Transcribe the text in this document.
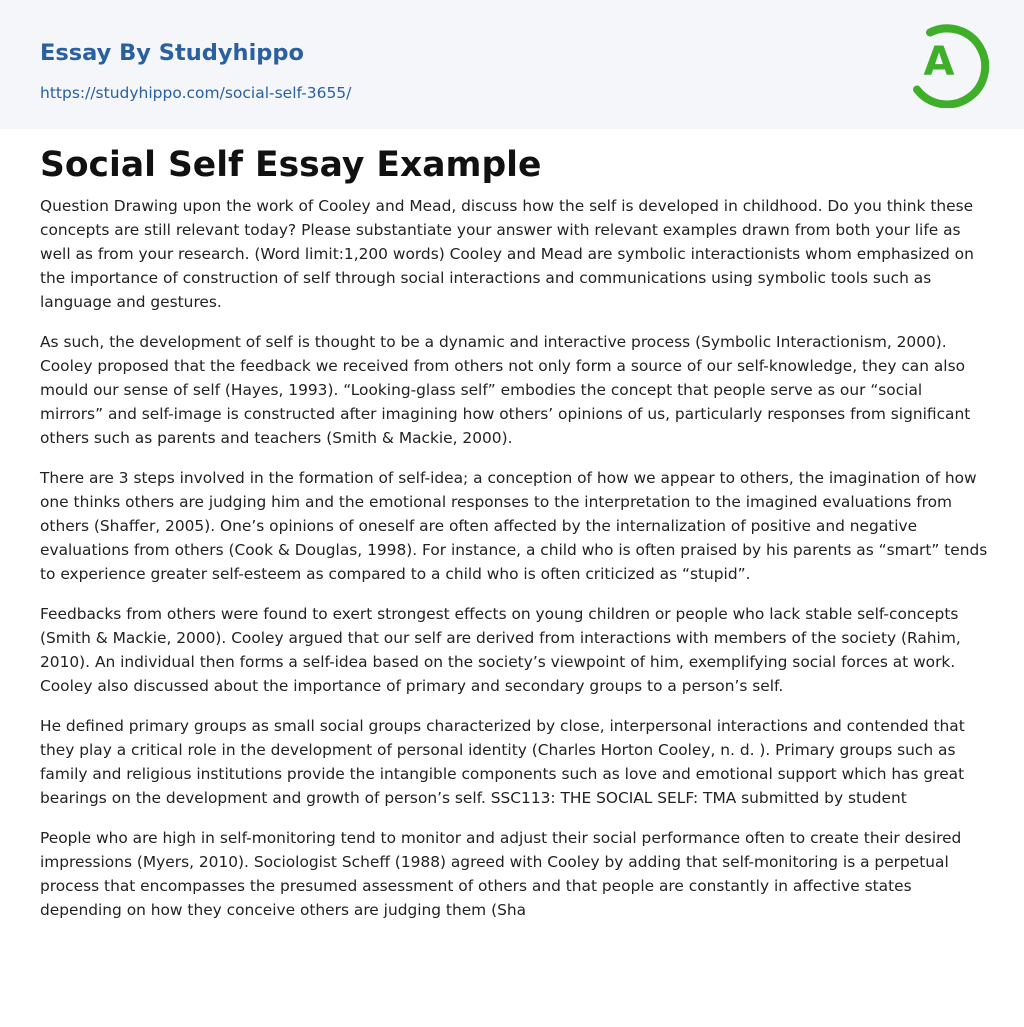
Essay By Studyhippo
https://studyhippo.com/social-self-3655/
A
Social Self Essay Example

Question Drawing upon the work of Cooley and Mead, discuss how the self is developed in childhood. Do you think these concepts are still relevant today? Please substantiate your answer with relevant examples drawn from both your life as well as from your research. (Word limit:1,200 words) Cooley and Mead are symbolic interactionists whom emphasized on the importance of construction of self through social interactions and communications using symbolic tools such as language and gestures.

As such, the development of self is thought to be a dynamic and interactive process (Symbolic Interactionism, 2000). Cooley proposed that the feedback we received from others not only form a source of our self-knowledge, they can also mould our sense of self (Hayes, 1993). “Looking-glass self” embodies the concept that people serve as our “social mirrors” and self-image is constructed after imagining how others’ opinions of us, particularly responses from significant others such as parents and teachers (Smith & Mackie, 2000).

There are 3 steps involved in the formation of self-idea; a conception of how we appear to others, the imagination of how one thinks others are judging him and the emotional responses to the interpretation to the imagined evaluations from others (Shaffer, 2005). One’s opinions of oneself are often affected by the internalization of positive and negative evaluations from others (Cook & Douglas, 1998). For instance, a child who is often praised by his parents as “smart” tends to experience greater self-esteem as compared to a child who is often criticized as “stupid”.

Feedbacks from others were found to exert strongest effects on young children or people who lack stable self-concepts (Smith & Mackie, 2000). Cooley argued that our self are derived from interactions with members of the society (Rahim, 2010). An individual then forms a self-idea based on the society’s viewpoint of him, exemplifying social forces at work. Cooley also discussed about the importance of primary and secondary groups to a person’s self.

He defined primary groups as small social groups characterized by close, interpersonal interactions and contended that they play a critical role in the development of personal identity (Charles Horton Cooley, n. d. ). Primary groups such as family and religious institutions provide the intangible components such as love and emotional support which has great bearings on the development and growth of person’s self. SSC113: THE SOCIAL SELF: TMA submitted by student

People who are high in self-monitoring tend to monitor and adjust their social performance often to create their desired impressions (Myers, 2010). Sociologist Scheff (1988) agreed with Cooley by adding that self-monitoring is a perpetual process that encompasses the presumed assessment of others and that people are constantly in affective states depending on how they conceive others are judging them (Sha
